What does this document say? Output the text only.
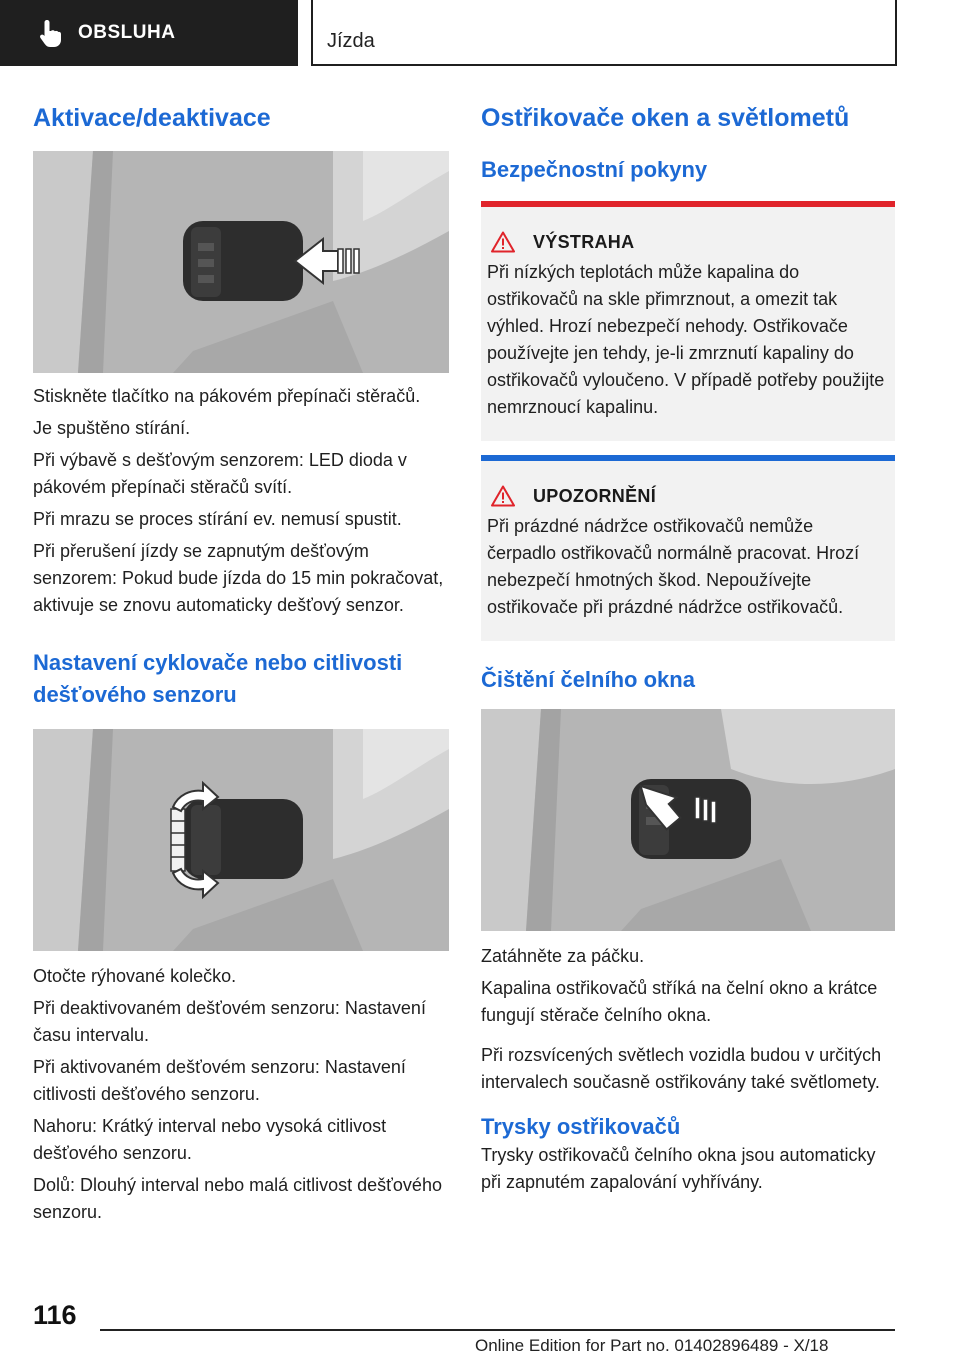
OBSLUHA	Jízda
Aktivace/deaktivace

Stiskněte tlačítko na pákovém přepínači stěračů.

Je spuštěno stírání.

Při výbavě s dešťovým senzorem: LED dioda v pákovém přepínači stěračů svítí.

Při mrazu se proces stírání ev. nemusí spustit.

Při přerušení jízdy se zapnutým dešťovým senzorem: Pokud bude jízda do 15 min pokračovat, aktivuje se znovu automaticky dešťový senzor.

Nastavení cyklovače nebo citlivosti dešťového senzoru

Otočte rýhované kolečko.

Při deaktivovaném dešťovém senzoru: Nastavení času intervalu.

Při aktivovaném dešťovém senzoru: Nastavení citlivosti dešťového senzoru.

Nahoru: Krátký interval nebo vysoká citlivost dešťového senzoru.

Dolů: Dlouhý interval nebo malá citlivost dešťového senzoru.

Ostřikovače oken a světlometů
Bezpečnostní pokyny
VÝSTRAHA
Při nízkých teplotách může kapalina do ostřikovačů na skle přimrznout, a omezit tak výhled. Hrozí nebezpečí nehody. Ostřikovače používejte jen tehdy, je-li zmrznutí kapaliny do ostřikovačů vyloučeno. V případě potřeby použijte nemrznoucí kapalinu.
UPOZORNĚNÍ
Při prázdné nádržce ostřikovačů nemůže čerpadlo ostřikovačů normálně pracovat. Hrozí nebezpečí hmotných škod. Nepoužívejte ostřikovače při prázdné nádržce ostřikovačů.
Čištění čelního okna

Zatáhněte za páčku.

Kapalina ostřikovačů stříká na čelní okno a krátce fungují stěrače čelního okna.

Při rozsvícených světlech vozidla budou v určitých intervalech současně ostřikovány také světlomety.

Trysky ostřikovačů

Trysky ostřikovačů čelního okna jsou automaticky při zapnutém zapalování vyhřívány.

116
Online Edition for Part no. 01402896489 - X/18
